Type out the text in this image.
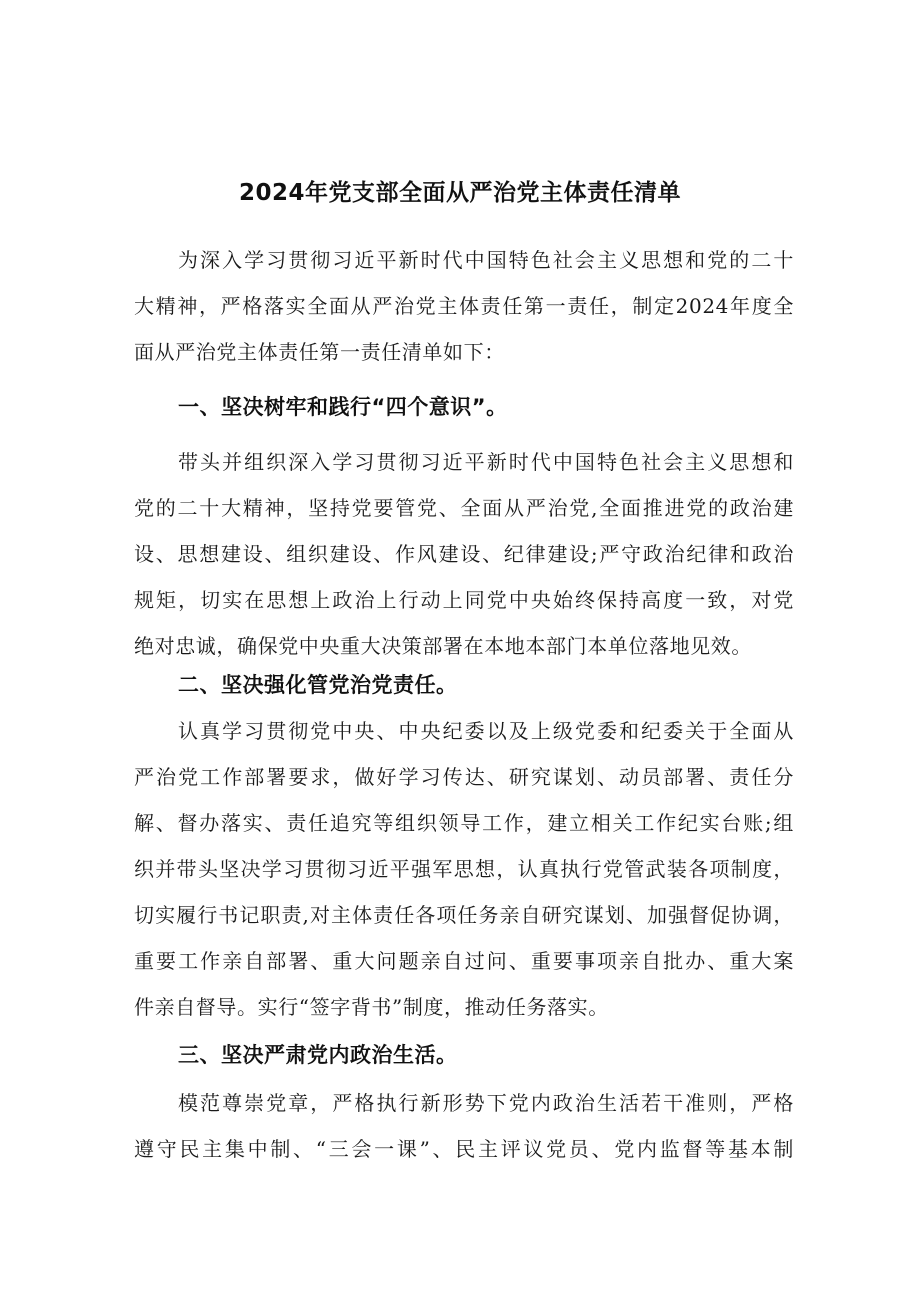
2024年党支部全面从严治党主体责任清单

为深入学习贯彻习近平新时代中国特色社会主义思想和党的二十

大精神，严格落实全面从严治党主体责任第一责任，制定2024年度全

面从严治党主体责任第一责任清单如下：

一、坚决树牢和践行“四个意识”。

带头并组织深入学习贯彻习近平新时代中国特色社会主义思想和

党的二十大精神，坚持党要管党、全面从严治党,全面推进党的政治建

设、思想建设、组织建设、作风建设、纪律建设;严守政治纪律和政治

规矩，切实在思想上政治上行动上同党中央始终保持高度一致，对党

绝对忠诚，确保党中央重大决策部署在本地本部门本单位落地见效。

二、坚决强化管党治党责任。

认真学习贯彻党中央、中央纪委以及上级党委和纪委关于全面从

严治党工作部署要求，做好学习传达、研究谋划、动员部署、责任分

解、督办落实、责任追究等组织领导工作，建立相关工作纪实台账;组

织并带头坚决学习贯彻习近平强军思想，认真执行党管武装各项制度，

切实履行书记职责,对主体责任各项任务亲自研究谋划、加强督促协调，

重要工作亲自部署、重大问题亲自过问、重要事项亲自批办、重大案

件亲自督导。实行“签字背书”制度，推动任务落实。

三、坚决严肃党内政治生活。

模范尊崇党章，严格执行新形势下党内政治生活若干准则，严格

遵守民主集中制、“三会一课”、民主评议党员、党内监督等基本制
